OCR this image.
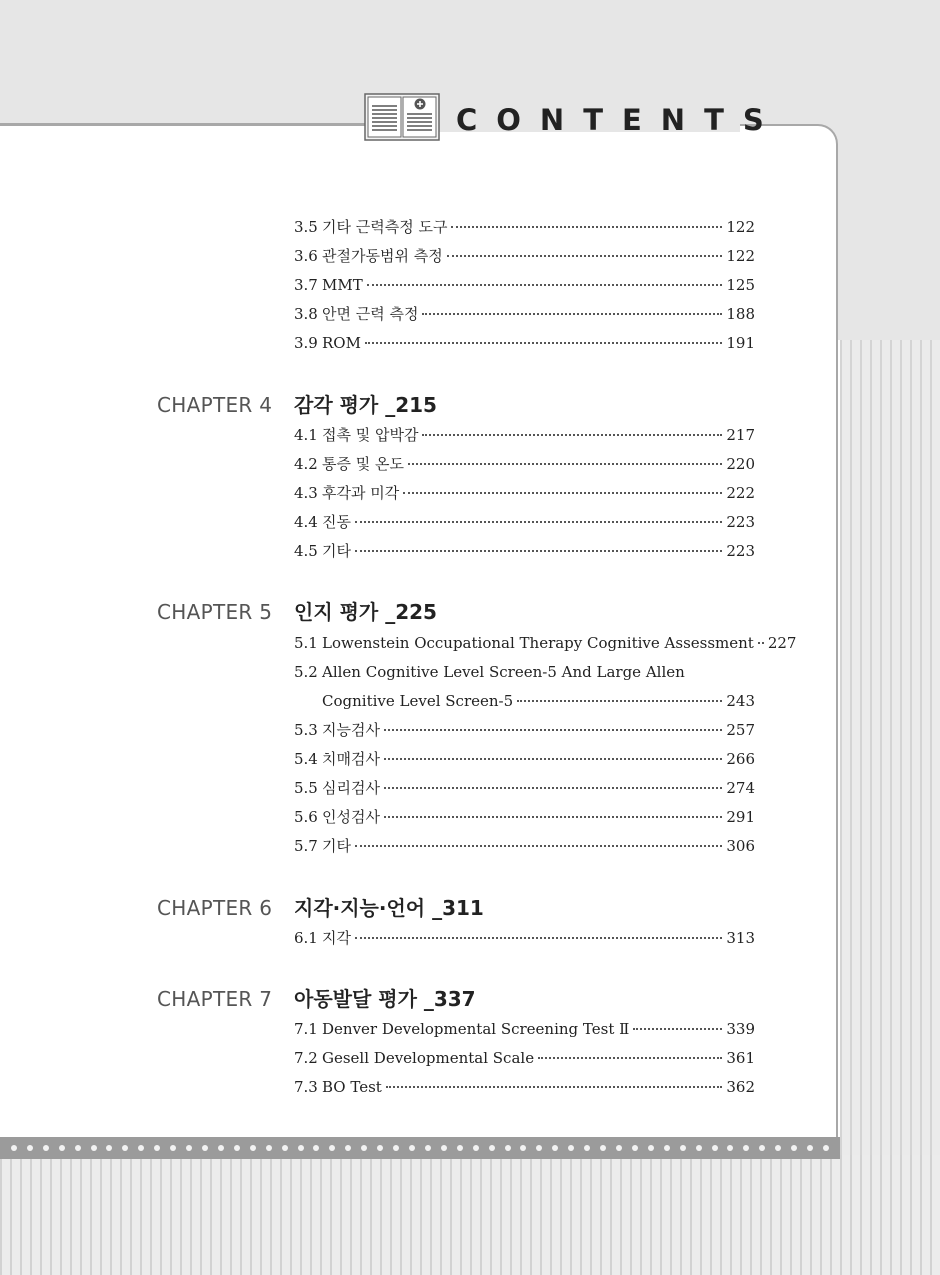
CONTENTS
3.5 기타 근력측정 도구	122
3.6 관절가동범위 측정	122
3.7 MMT	125
3.8 안면 근력 측정	188
3.9 ROM	191
CHAPTER 4 감각 평가 _215
4.1 접촉 및 압박감	217
4.2 통증 및 온도	220
4.3 후각과 미각	222
4.4 진동	223
4.5 기타	223
CHAPTER 5 인지 평가 _225
5.1 Lowenstein Occupational Therapy Cognitive Assessment 227
5.2 Allen Cognitive Level Screen-5 And Large Allen
Cognitive Level Screen-5	243
5.3 지능검사	257
5.4 치매검사	266
5.5 심리검사	274
5.6 인성검사	291
5.7 기타	306
CHAPTER 6 지각·지능·언어 _311
6.1 지각	313
CHAPTER 7 아동발달 평가 _337
7.1 Denver Developmental Screening Test Ⅱ	339
7.2 Gesell Developmental Scale	361
7.3 BO Test	362
